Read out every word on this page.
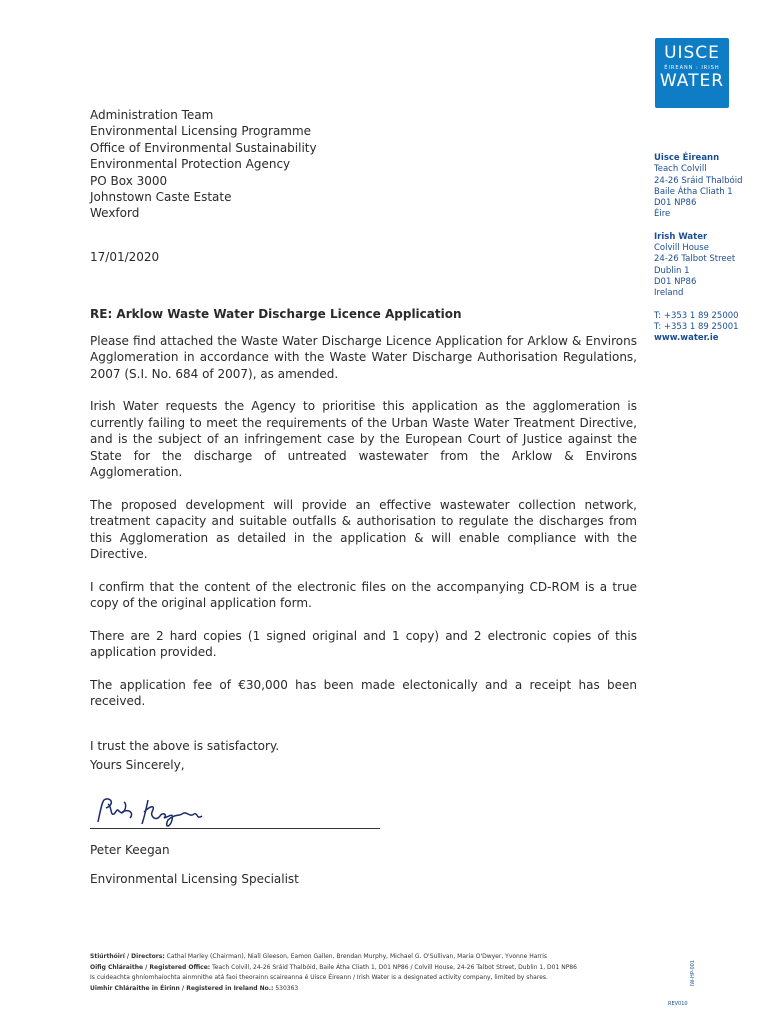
UISCE
ÉIREANN : IRISH
WATER
Administration Team
Environmental Licensing Programme
Office of Environmental Sustainability
Environmental Protection Agency
PO Box 3000
Johnstown Caste Estate
Wexford
Uisce Éireann
Teach Colvill
24-26 Sráid Thalbóid
Baile Átha Cliath 1
D01 NP86
Éire
Irish Water
Colvill House
24-26 Talbot Street
Dublin 1
D01 NP86
Ireland
T: +353 1 89 25000
T: +353 1 89 25001
www.water.ie
17/01/2020

RE: Arklow Waste Water Discharge Licence Application

Please find attached the Waste Water Discharge Licence Application for Arklow & Environs Agglomeration in accordance with the Waste Water Discharge Authorisation Regulations, 2007 (S.I. No. 684 of 2007), as amended.

Irish Water requests the Agency to prioritise this application as the agglomeration is currently failing to meet the requirements of the Urban Waste Water Treatment Directive, and is the subject of an infringement case by the European Court of Justice against the State for the discharge of untreated wastewater from the Arklow & Environs Agglomeration.

The proposed development will provide an effective wastewater collection network, treatment capacity and suitable outfalls & authorisation to regulate the discharges from this Agglomeration as detailed in the application & will enable compliance with the Directive.

I confirm that the content of the electronic files on the accompanying CD-ROM is a true copy of the original application form.

There are 2 hard copies (1 signed original and 1 copy) and 2 electronic copies of this application provided.

The application fee of €30,000 has been made electonically and a receipt has been received.

I trust the above is satisfactory.

Yours Sincerely,
Peter Keegan
Environmental Licensing Specialist
Stiúrthóirí / Directors: Cathal Marley (Chairman), Niall Gleeson, Eamon Gallen, Brendan Murphy, Michael G. O'Sullivan, Maria O'Dwyer, Yvonne Harris
Oifig Chláraithe / Registered Office: Teach Colvill, 24-26 Sráid Thalbóid, Baile Átha Cliath 1, D01 NP86 / Colvill House, 24-26 Talbot Street, Dublin 1, D01 NP86
Is cuideachta ghníomhaíochta ainmnithe atá faoi theorainn scaireanna é Uisce Éireann / Irish Water is a designated activity company, limited by shares.
Uimhir Chláraithe in Éirinn / Registered in Ireland No.: 530363
IW-HP-001
REV010
